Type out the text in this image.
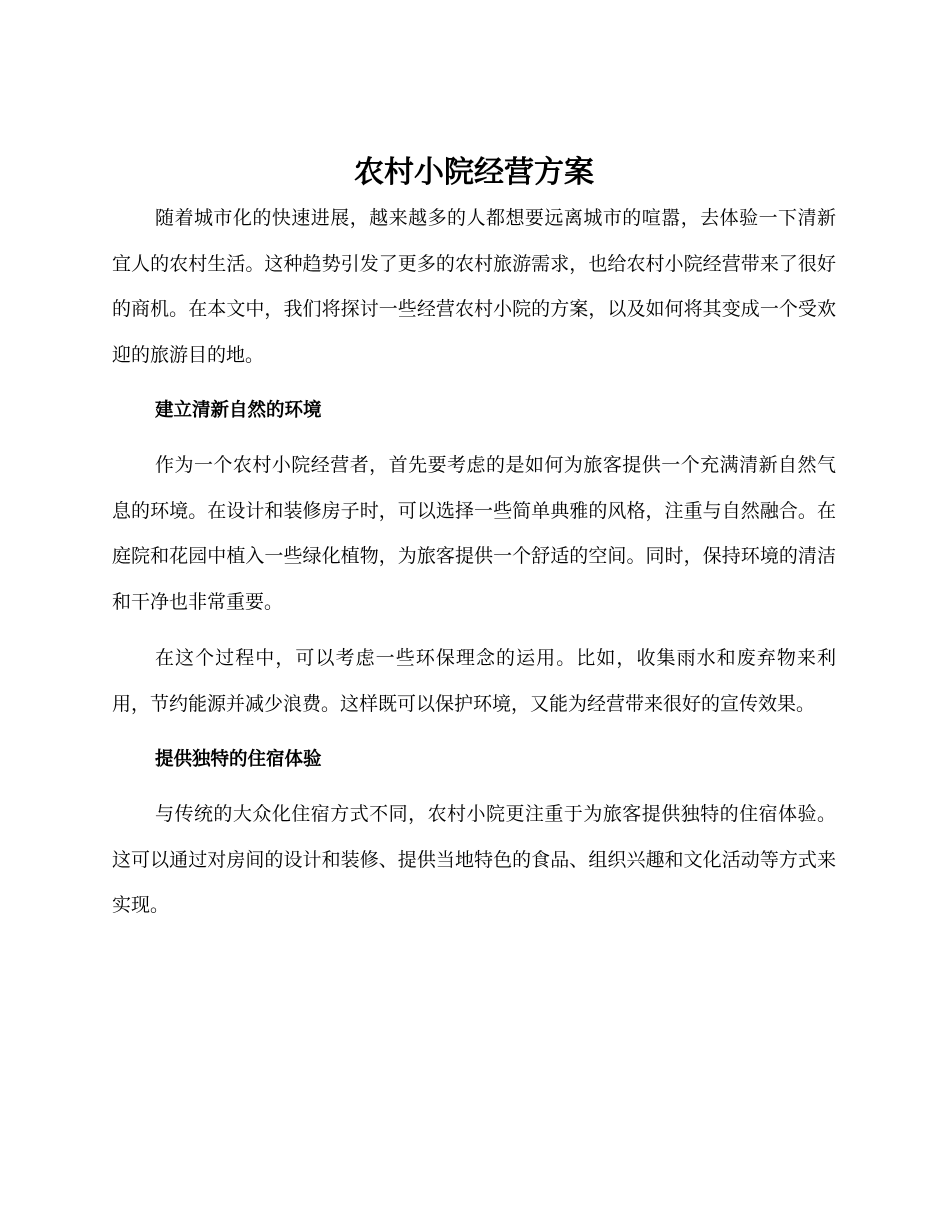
农村小院经营方案

随着城市化的快速进展，越来越多的人都想要远离城市的喧嚣，去体验一下清新宜人的农村生活。这种趋势引发了更多的农村旅游需求，也给农村小院经营带来了很好的商机。在本文中，我们将探讨一些经营农村小院的方案，以及如何将其变成一个受欢迎的旅游目的地。

建立清新自然的环境

作为一个农村小院经营者，首先要考虑的是如何为旅客提供一个充满清新自然气息的环境。在设计和装修房子时，可以选择一些简单典雅的风格，注重与自然融合。在庭院和花园中植入一些绿化植物，为旅客提供一个舒适的空间。同时，保持环境的清洁和干净也非常重要。

在这个过程中，可以考虑一些环保理念的运用。比如，收集雨水和废弃物来利用，节约能源并减少浪费。这样既可以保护环境，又能为经营带来很好的宣传效果。

提供独特的住宿体验

与传统的大众化住宿方式不同，农村小院更注重于为旅客提供独特的住宿体验。这可以通过对房间的设计和装修、提供当地特色的食品、组织兴趣和文化活动等方式来实现。
